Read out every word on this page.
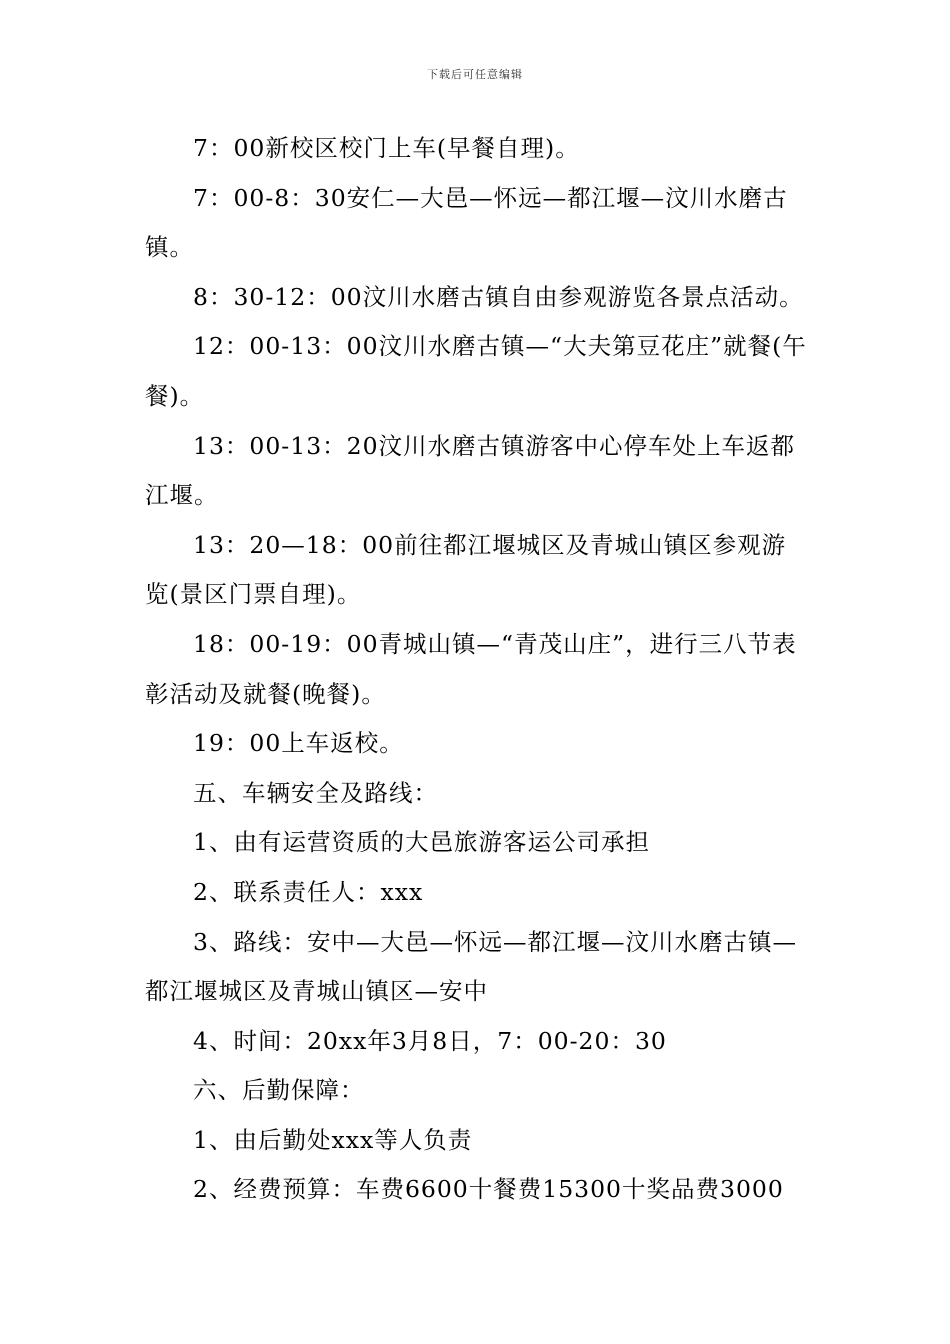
下载后可任意编辑

7：00新校区校门上车(早餐自理)。

7：00-8：30安仁—大邑—怀远—都江堰—汶川水磨古镇。

8：30-12：00汶川水磨古镇自由参观游览各景点活动。

12：00-13：00汶川水磨古镇—“大夫第豆花庄”就餐(午餐)。

13：00-13：20汶川水磨古镇游客中心停车处上车返都江堰。

13：20—18：00前往都江堰城区及青城山镇区参观游览(景区门票自理)。

18：00-19：00青城山镇—“青茂山庄”，进行三八节表彰活动及就餐(晚餐)。

19：00上车返校。

五、车辆安全及路线：

1、由有运营资质的大邑旅游客运公司承担

2、联系责任人：xxx

3、路线：安中—大邑—怀远—都江堰—汶川水磨古镇—都江堰城区及青城山镇区—安中

4、时间：20xx年3月8日，7：00-20：30

六、后勤保障：

1、由后勤处xxx等人负责

2、经费预算：车费6600十餐费15300十奖品费3000
